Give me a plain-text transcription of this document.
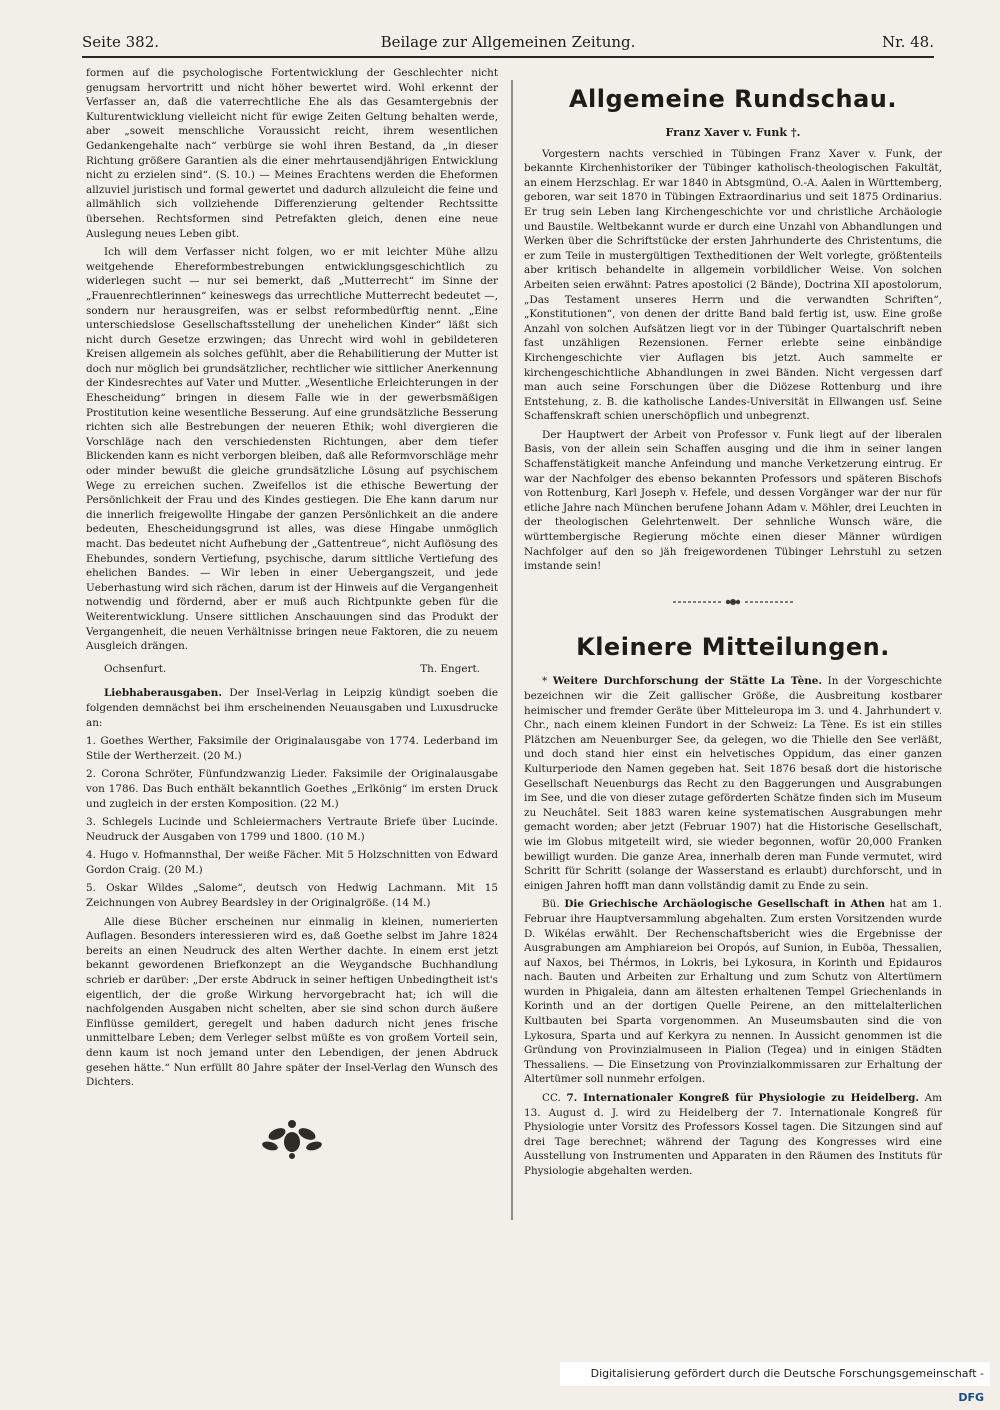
Seite 382.	Beilage zur Allgemeinen Zeitung.	Nr. 48.

formen auf die psychologische Fortentwicklung der Geschlechter nicht genugsam hervortritt und nicht höher bewertet wird. Wohl erkennt der Verfasser an, daß die vaterrechtliche Ehe als das Gesamtergebnis der Kulturentwicklung vielleicht nicht für ewige Zeiten Geltung behalten werde, aber „soweit menschliche Voraussicht reicht, ihrem wesentlichen Gedankengehalte nach“ verbürge sie wohl ihren Bestand, da „in dieser Richtung größere Garantien als die einer mehrtausendjährigen Entwicklung nicht zu erzielen sind“. (S. 10.) — Meines Erachtens werden die Eheformen allzuviel juristisch und formal gewertet und dadurch allzuleicht die feine und allmählich sich vollziehende Differenzierung geltender Rechtssitte übersehen. Rechtsformen sind Petrefakten gleich, denen eine neue Auslegung neues Leben gibt.

Ich will dem Verfasser nicht folgen, wo er mit leichter Mühe allzu weitgehende Ehereformbestrebungen entwicklungsgeschichtlich zu widerlegen sucht — nur sei bemerkt, daß „Mutterrecht“ im Sinne der „Frauenrechtlerinnen“ keineswegs das urrechtliche Mutterrecht bedeutet —, sondern nur herausgreifen, was er selbst reformbedürftig nennt. „Eine unterschiedslose Gesellschaftsstellung der unehelichen Kinder“ läßt sich nicht durch Gesetze erzwingen; das Unrecht wird wohl in gebildeteren Kreisen allgemein als solches gefühlt, aber die Rehabilitierung der Mutter ist doch nur möglich bei grundsätzlicher, rechtlicher wie sittlicher Anerkennung der Kindesrechtes auf Vater und Mutter. „Wesentliche Erleichterungen in der Ehescheidung“ bringen in diesem Falle wie in der gewerbsmäßigen Prostitution keine wesentliche Besserung. Auf eine grundsätzliche Besserung richten sich alle Bestrebungen der neueren Ethik; wohl divergieren die Vorschläge nach den verschiedensten Richtungen, aber dem tiefer Blickenden kann es nicht verborgen bleiben, daß alle Reformvorschläge mehr oder minder bewußt die gleiche grundsätzliche Lösung auf psychischem Wege zu erreichen suchen. Zweifellos ist die ethische Bewertung der Persönlichkeit der Frau und des Kindes gestiegen. Die Ehe kann darum nur die innerlich freigewollte Hingabe der ganzen Persönlichkeit an die andere bedeuten, Ehescheidungsgrund ist alles, was diese Hingabe unmöglich macht. Das bedeutet nicht Aufhebung der „Gattentreue“, nicht Auflösung des Ehebundes, sondern Vertiefung, psychische, darum sittliche Vertiefung des ehelichen Bandes. — Wir leben in einer Uebergangszeit, und jede Ueberhastung wird sich rächen, darum ist der Hinweis auf die Vergangenheit notwendig und fördernd, aber er muß auch Richtpunkte geben für die Weiterentwicklung. Unsere sittlichen Anschauungen sind das Produkt der Vergangenheit, die neuen Verhältnisse bringen neue Faktoren, die zu neuem Ausgleich drängen.

Ochsenfurt.	Th. Engert.

Liebhaberausgaben. Der Insel-Verlag in Leipzig kündigt soeben die folgenden demnächst bei ihm erscheinenden Neuausgaben und Luxusdrucke an:

1. Goethes Werther, Faksimile der Originalausgabe von 1774. Lederband im Stile der Wertherzeit. (20 M.)

2. Corona Schröter, Fünfundzwanzig Lieder. Faksimile der Originalausgabe von 1786. Das Buch enthält bekanntlich Goethes „Erlkönig“ im ersten Druck und zugleich in der ersten Komposition. (22 M.)

3. Schlegels Lucinde und Schleiermachers Vertraute Briefe über Lucinde. Neudruck der Ausgaben von 1799 und 1800. (10 M.)

4. Hugo v. Hofmannsthal, Der weiße Fächer. Mit 5 Holzschnitten von Edward Gordon Craig. (20 M.)

5. Oskar Wildes „Salome“, deutsch von Hedwig Lachmann. Mit 15 Zeichnungen von Aubrey Beardsley in der Originalgröße. (14 M.)

Alle diese Bücher erscheinen nur einmalig in kleinen, numerierten Auflagen. Besonders interessieren wird es, daß Goethe selbst im Jahre 1824 bereits an einen Neudruck des alten Werther dachte. In einem erst jetzt bekannt gewordenen Briefkonzept an die Weygandsche Buchhandlung schrieb er darüber: „Der erste Abdruck in seiner heftigen Unbedingtheit ist's eigentlich, der die große Wirkung hervorgebracht hat; ich will die nachfolgenden Ausgaben nicht schelten, aber sie sind schon durch äußere Einflüsse gemildert, geregelt und haben dadurch nicht jenes frische unmittelbare Leben; dem Verleger selbst müßte es von großem Vorteil sein, denn kaum ist noch jemand unter den Lebendigen, der jenen Abdruck gesehen hätte.“ Nun erfüllt 80 Jahre später der Insel-Verlag den Wunsch des Dichters.

Allgemeine Rundschau.
Franz Xaver v. Funk †.

Vorgestern nachts verschied in Tübingen Franz Xaver v. Funk, der bekannte Kirchenhistoriker der Tübinger katholisch-theologischen Fakultät, an einem Herzschlag. Er war 1840 in Abtsgmünd, O.-A. Aalen in Württemberg, geboren, war seit 1870 in Tübingen Extraordinarius und seit 1875 Ordinarius. Er trug sein Leben lang Kirchengeschichte vor und christliche Archäologie und Baustile. Weltbekannt wurde er durch eine Unzahl von Abhandlungen und Werken über die Schriftstücke der ersten Jahrhunderte des Christentums, die er zum Teile in mustergültigen Textheditionen der Welt vorlegte, größtenteils aber kritisch behandelte in allgemein vorbildlicher Weise. Von solchen Arbeiten seien erwähnt: Patres apostolici (2 Bände), Doctrina XII apostolorum, „Das Testament unseres Herrn und die verwandten Schriften“, „Konstitutionen“, von denen der dritte Band bald fertig ist, usw. Eine große Anzahl von solchen Aufsätzen liegt vor in der Tübinger Quartalschrift neben fast unzähligen Rezensionen. Ferner erlebte seine einbändige Kirchengeschichte vier Auflagen bis jetzt. Auch sammelte er kirchengeschichtliche Abhandlungen in zwei Bänden. Nicht vergessen darf man auch seine Forschungen über die Diözese Rottenburg und ihre Entstehung, z. B. die katholische Landes-Universität in Ellwangen usf. Seine Schaffenskraft schien unerschöpflich und unbegrenzt.

Der Hauptwert der Arbeit von Professor v. Funk liegt auf der liberalen Basis, von der allein sein Schaffen ausging und die ihm in seiner langen Schaffenstätigkeit manche Anfeindung und manche Verketzerung eintrug. Er war der Nachfolger des ebenso bekannten Professors und späteren Bischofs von Rottenburg, Karl Joseph v. Hefele, und dessen Vorgänger war der nur für etliche Jahre nach München berufene Johann Adam v. Möhler, drei Leuchten in der theologischen Gelehrtenwelt. Der sehnliche Wunsch wäre, die württembergische Regierung möchte einen dieser Männer würdigen Nachfolger auf den so jäh freigewordenen Tübinger Lehrstuhl zu setzen imstande sein!

Kleinere Mitteilungen.

* Weitere Durchforschung der Stätte La Tène. In der Vorgeschichte bezeichnen wir die Zeit gallischer Größe, die Ausbreitung kostbarer heimischer und fremder Geräte über Mitteleuropa im 3. und 4. Jahrhundert v. Chr., nach einem kleinen Fundort in der Schweiz: La Tène. Es ist ein stilles Plätzchen am Neuenburger See, da gelegen, wo die Thielle den See verläßt, und doch stand hier einst ein helvetisches Oppidum, das einer ganzen Kulturperiode den Namen gegeben hat. Seit 1876 besaß dort die historische Gesellschaft Neuenburgs das Recht zu den Baggerungen und Ausgrabungen im See, und die von dieser zutage geförderten Schätze finden sich im Museum zu Neuchâtel. Seit 1883 waren keine systematischen Ausgrabungen mehr gemacht worden; aber jetzt (Februar 1907) hat die Historische Gesellschaft, wie im Globus mitgeteilt wird, sie wieder begonnen, wofür 20,000 Franken bewilligt wurden. Die ganze Area, innerhalb deren man Funde vermutet, wird Schritt für Schritt (solange der Wasserstand es erlaubt) durchforscht, und in einigen Jahren hofft man dann vollständig damit zu Ende zu sein.

Bü. Die Griechische Archäologische Gesellschaft in Athen hat am 1. Februar ihre Hauptversammlung abgehalten. Zum ersten Vorsitzenden wurde D. Wikélas erwählt. Der Rechenschaftsbericht wies die Ergebnisse der Ausgrabungen am Amphiareion bei Oropós, auf Sunion, in Euböa, Thessalien, auf Naxos, bei Thérmos, in Lokris, bei Lykosura, in Korinth und Epidauros nach. Bauten und Arbeiten zur Erhaltung und zum Schutz von Altertümern wurden in Phigaleia, dann am ältesten erhaltenen Tempel Griechenlands in Korinth und an der dortigen Quelle Peirene, an den mittelalterlichen Kultbauten bei Sparta vorgenommen. An Museumsbauten sind die von Lykosura, Sparta und auf Kerkyra zu nennen. In Aussicht genommen ist die Gründung von Provinzialmuseen in Pialion (Tegea) und in einigen Städten Thessaliens. — Die Einsetzung von Provinzialkommissaren zur Erhaltung der Altertümer soll nunmehr erfolgen.

CC. 7. Internationaler Kongreß für Physiologie zu Heidelberg. Am 13. August d. J. wird zu Heidelberg der 7. Internationale Kongreß für Physiologie unter Vorsitz des Professors Kossel tagen. Die Sitzungen sind auf drei Tage berechnet; während der Tagung des Kongresses wird eine Ausstellung von Instrumenten und Apparaten in den Räumen des Instituts für Physiologie abgehalten werden.

Digitalisierung gefördert durch die Deutsche Forschungsgemeinschaft - DFG
